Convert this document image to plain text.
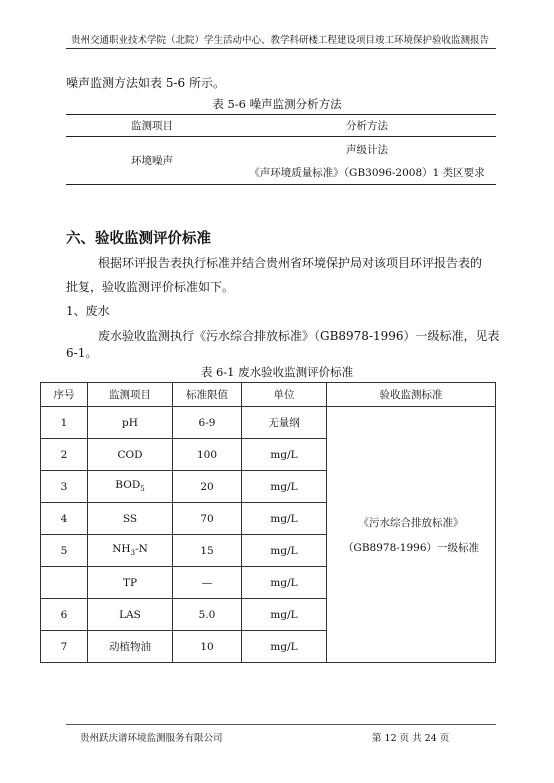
贵州交通职业技术学院（北院）学生活动中心、教学科研楼工程建设项目竣工环境保护验收监测报告
噪声监测方法如表 5-6 所示。
表 5-6 噪声监测分析方法
监测项目	分析方法
环境噪声	声级计法
《声环境质量标准》（GB3096-2008）1 类区要求
六、验收监测评价标准
根据环评报告表执行标准并结合贵州省环境保护局对该项目环评报告表的
批复，验收监测评价标准如下。
1、废水
废水验收监测执行《污水综合排放标准》（GB8978-1996）一级标准，见表
6-1。
表 6-1 废水验收监测评价标准
序号	监测项目	标准限值	单位	验收监测标准
1	pH	6-9	无量纲	《污水综合排放标准》
（GB8978-1996）一级标准

2	COD	100	mg/L	
3	$BOD_5$	20	mg/L	
4	SS	70	mg/L	
5	$NH_3-N$	15	mg/L	
	TP	—	mg/L	
6	LAS	5.0	mg/L	
7	动植物油	10	mg/L	
贵州跃庆谱环境监测服务有限公司	第 12 页 共 24 页
